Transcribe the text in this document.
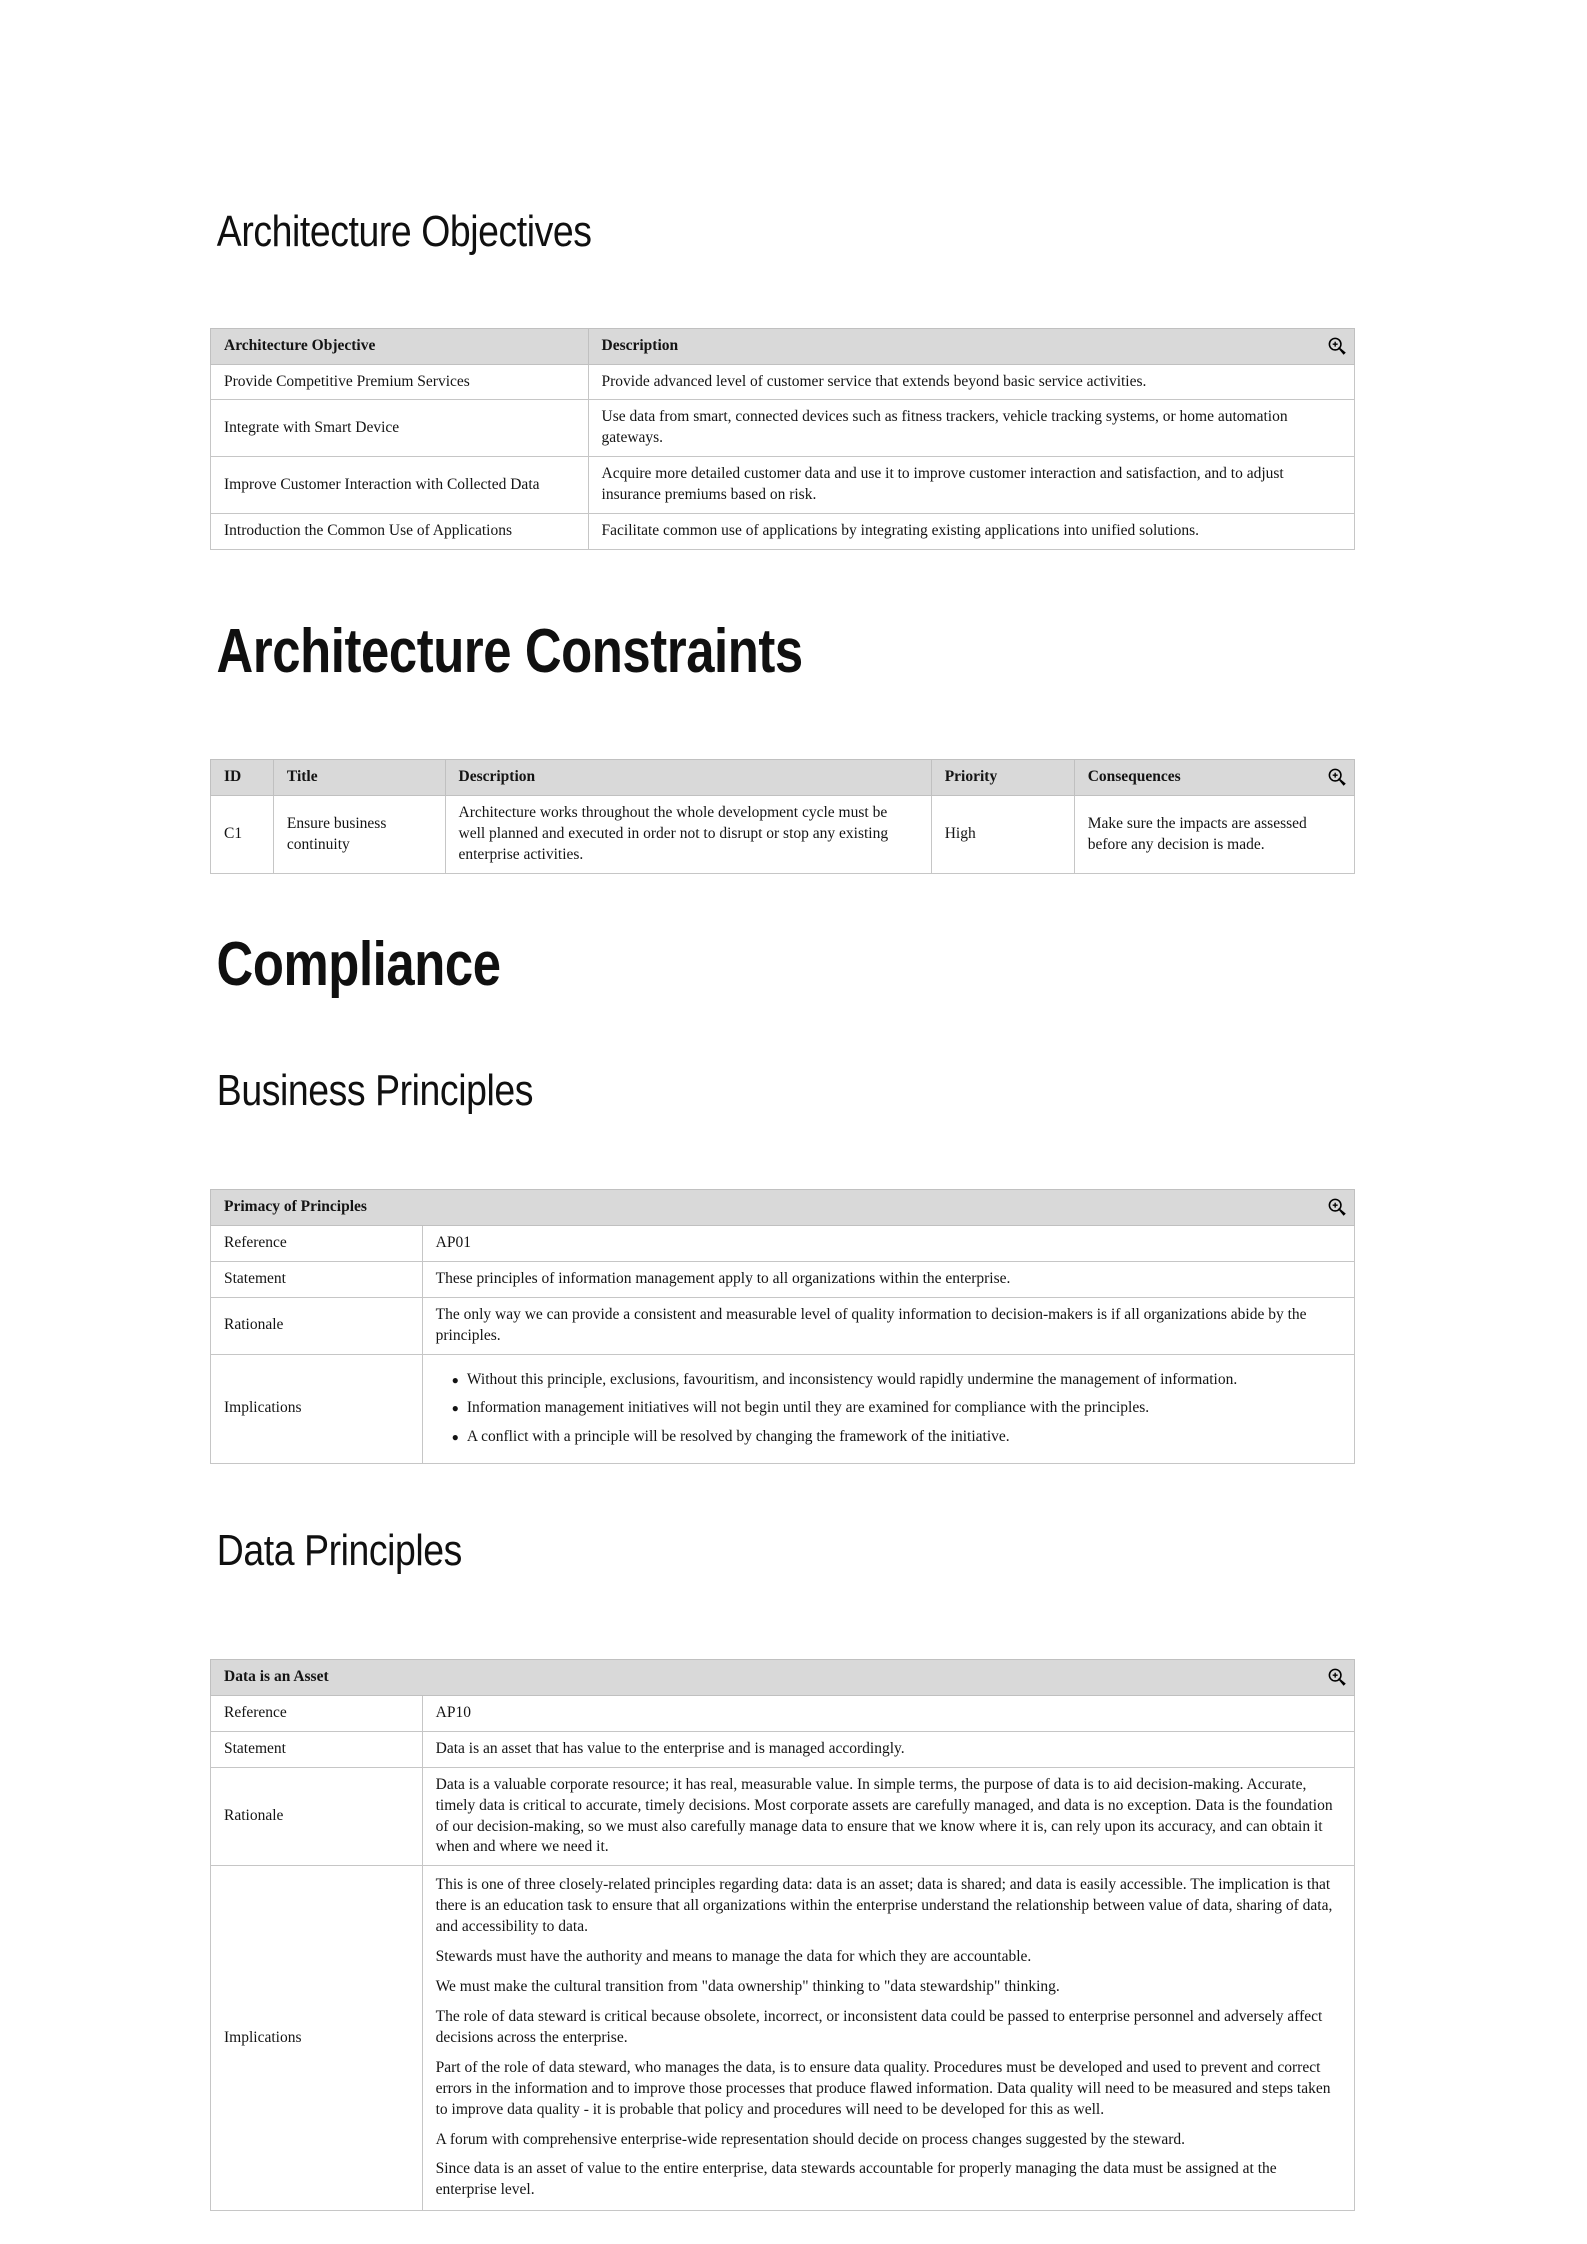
Architecture Objectives
Architecture Objective	Description
Provide Competitive Premium Services	Provide advanced level of customer service that extends beyond basic service activities.
Integrate with Smart Device	Use data from smart, connected devices such as fitness trackers, vehicle tracking systems, or home automation gateways.
Improve Customer Interaction with Collected Data	Acquire more detailed customer data and use it to improve customer interaction and satisfaction, and to adjust insurance premiums based on risk.
Introduction the Common Use of Applications	Facilitate common use of applications by integrating existing applications into unified solutions.
Architecture Constraints
ID	Title	Description	Priority	Consequences
C1	Ensure business continuity	Architecture works throughout the whole development cycle must be well planned and executed in order not to disrupt or stop any existing enterprise activities.	High	Make sure the impacts are assessed before any decision is made.
Compliance
Business Principles
Primacy of Principles	
Reference	AP01
Statement	These principles of information management apply to all organizations within the enterprise.
Rationale	The only way we can provide a consistent and measurable level of quality information to decision-makers is if all organizations abide by the principles.
Implications	
● Without this principle, exclusions, favouritism, and inconsistency would rapidly undermine the management of information.
● Information management initiatives will not begin until they are examined for compliance with the principles.
● A conflict with a principle will be resolved by changing the framework of the initiative.
Data Principles
Data is an Asset	
Reference	AP10
Statement	Data is an asset that has value to the enterprise and is managed accordingly.
Rationale	Data is a valuable corporate resource; it has real, measurable value. In simple terms, the purpose of data is to aid decision-making. Accurate, timely data is critical to accurate, timely decisions. Most corporate assets are carefully managed, and data is no exception. Data is the foundation of our decision-making, so we must also carefully manage data to ensure that we know where it is, can rely upon its accuracy, and can obtain it when and where we need it.
Implications	

This is one of three closely-related principles regarding data: data is an asset; data is shared; and data is easily accessible. The implication is that there is an education task to ensure that all organizations within the enterprise understand the relationship between value of data, sharing of data, and accessibility to data.

Stewards must have the authority and means to manage the data for which they are accountable.

We must make the cultural transition from "data ownership" thinking to "data stewardship" thinking.

The role of data steward is critical because obsolete, incorrect, or inconsistent data could be passed to enterprise personnel and adversely affect decisions across the enterprise.

Part of the role of data steward, who manages the data, is to ensure data quality. Procedures must be developed and used to prevent and correct errors in the information and to improve those processes that produce flawed information. Data quality will need to be measured and steps taken to improve data quality - it is probable that policy and procedures will need to be developed for this as well.

A forum with comprehensive enterprise-wide representation should decide on process changes suggested by the steward.

Since data is an asset of value to the entire enterprise, data stewards accountable for properly managing the data must be assigned at the enterprise level.
